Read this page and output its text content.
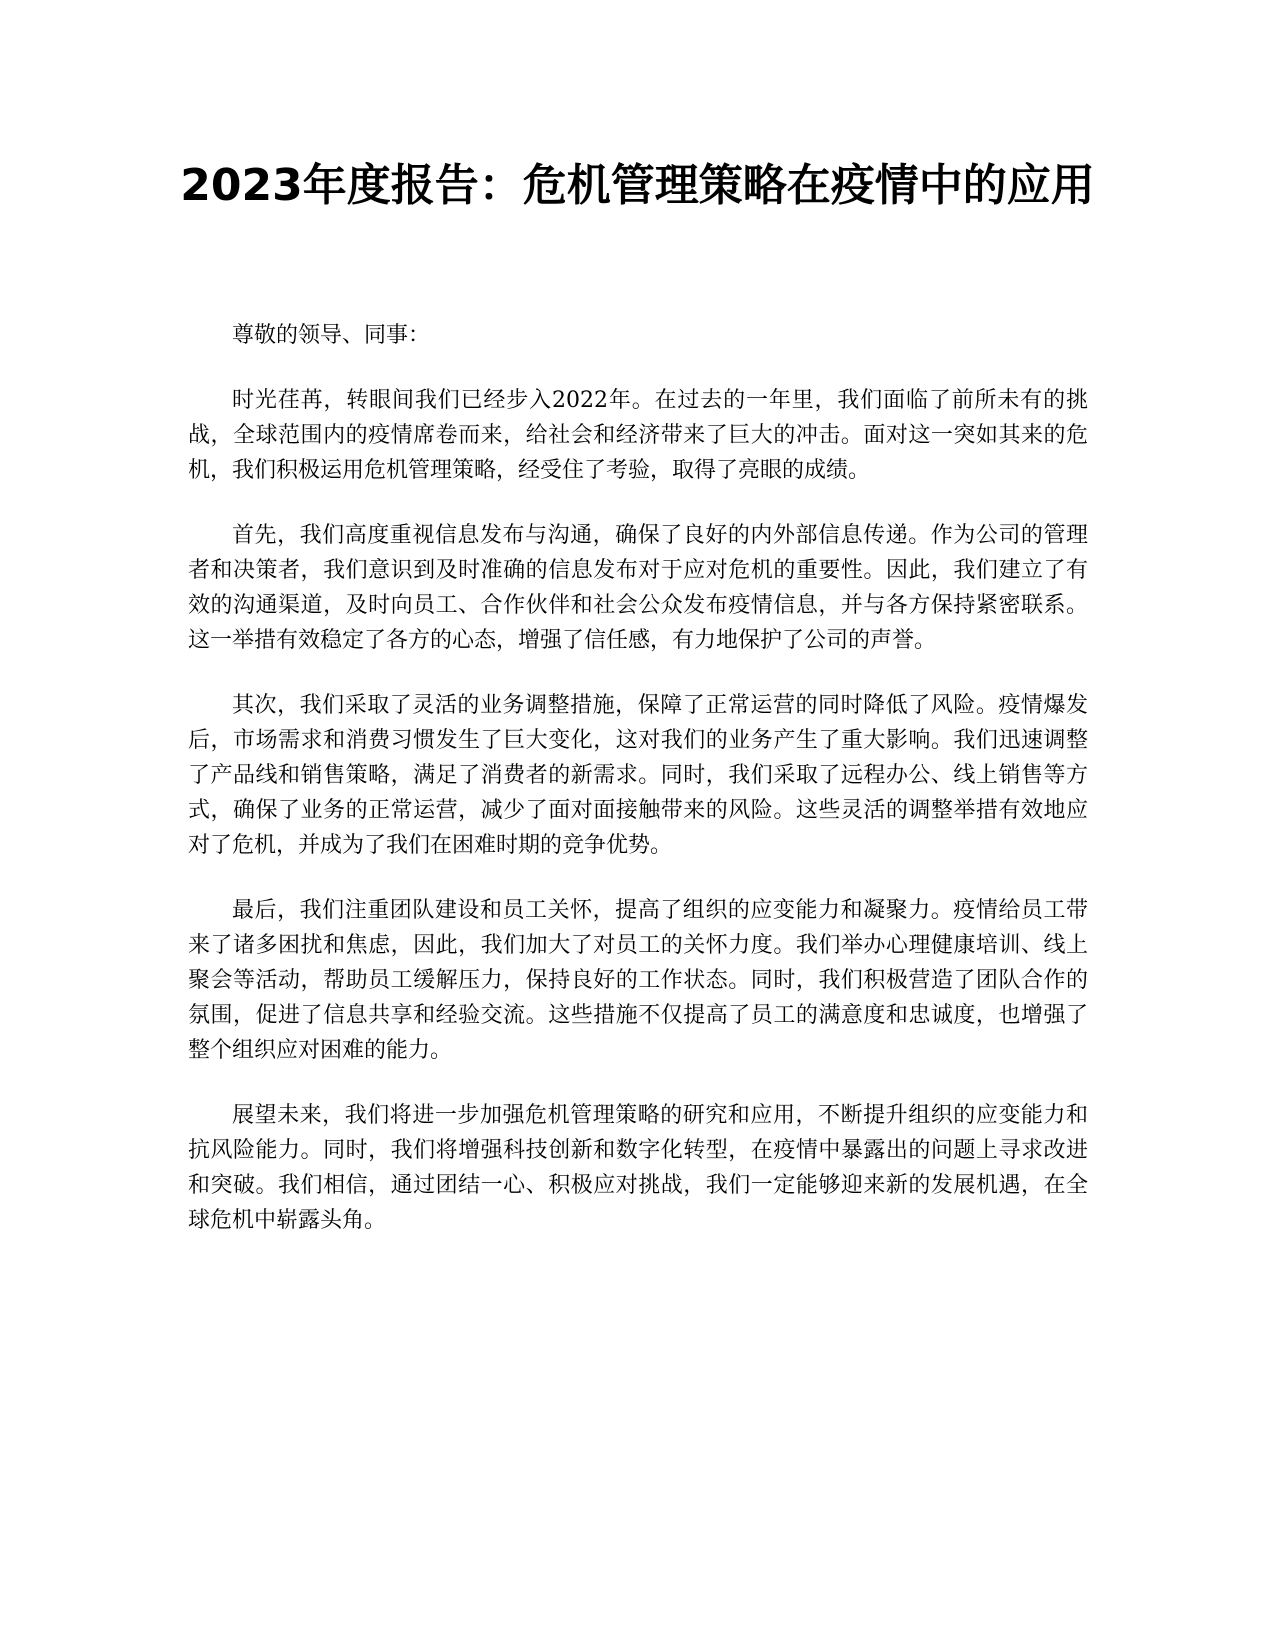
2023年度报告：危机管理策略在疫情中的应用

尊敬的领导、同事：

时光荏苒，转眼间我们已经步入2022年。在过去的一年里，我们面临了前所未有的挑战，全球范围内的疫情席卷而来，给社会和经济带来了巨大的冲击。面对这一突如其来的危机，我们积极运用危机管理策略，经受住了考验，取得了亮眼的成绩。

首先，我们高度重视信息发布与沟通，确保了良好的内外部信息传递。作为公司的管理者和决策者，我们意识到及时准确的信息发布对于应对危机的重要性。因此，我们建立了有效的沟通渠道，及时向员工、合作伙伴和社会公众发布疫情信息，并与各方保持紧密联系。这一举措有效稳定了各方的心态，增强了信任感，有力地保护了公司的声誉。

其次，我们采取了灵活的业务调整措施，保障了正常运营的同时降低了风险。疫情爆发后，市场需求和消费习惯发生了巨大变化，这对我们的业务产生了重大影响。我们迅速调整了产品线和销售策略，满足了消费者的新需求。同时，我们采取了远程办公、线上销售等方式，确保了业务的正常运营，减少了面对面接触带来的风险。这些灵活的调整举措有效地应对了危机，并成为了我们在困难时期的竞争优势。

最后，我们注重团队建设和员工关怀，提高了组织的应变能力和凝聚力。疫情给员工带来了诸多困扰和焦虑，因此，我们加大了对员工的关怀力度。我们举办心理健康培训、线上聚会等活动，帮助员工缓解压力，保持良好的工作状态。同时，我们积极营造了团队合作的氛围，促进了信息共享和经验交流。这些措施不仅提高了员工的满意度和忠诚度，也增强了整个组织应对困难的能力。

展望未来，我们将进一步加强危机管理策略的研究和应用，不断提升组织的应变能力和抗风险能力。同时，我们将增强科技创新和数字化转型，在疫情中暴露出的问题上寻求改进和突破。我们相信，通过团结一心、积极应对挑战，我们一定能够迎来新的发展机遇，在全球危机中崭露头角。
